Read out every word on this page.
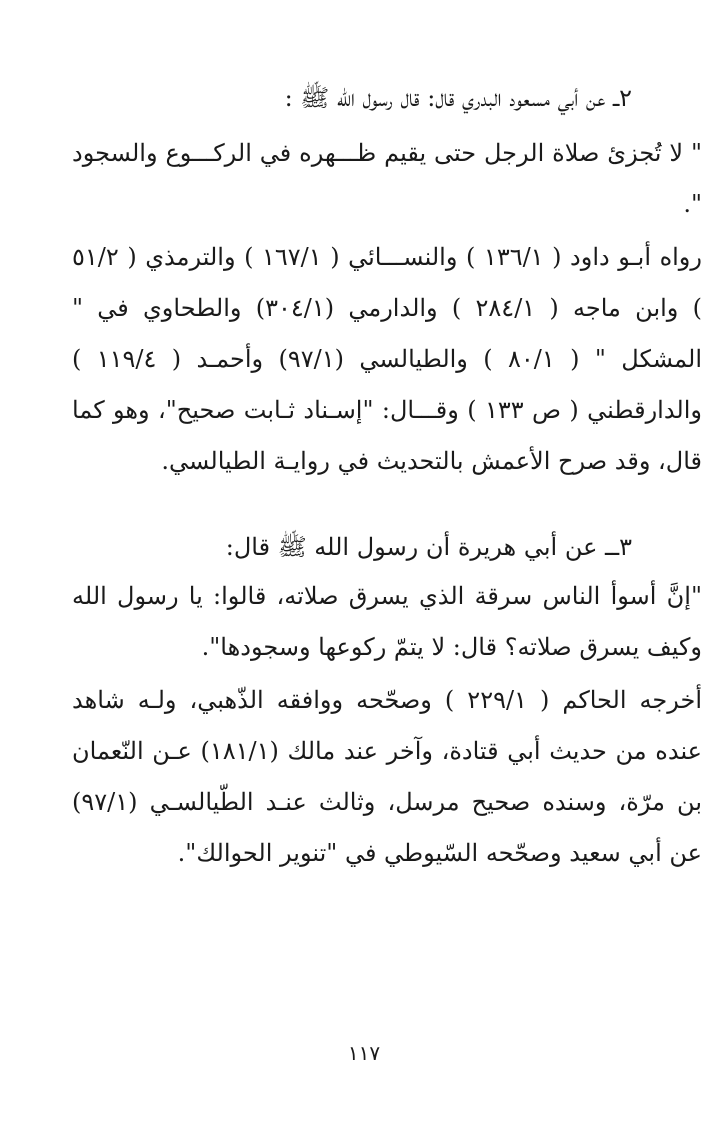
٢ــ عن أبي مسعود البدري قال: قال رسول الله ﷺ :

" لا تُجزئ صلاة الرجل حتى يقيم ظـــهره في الركـــوع والسجود ".

رواه أبـو داود ( ١٣٦/١ ) والنســـائي ( ١٦٧/١ ) والترمذي ( ٥١/٢ ) وابن ماجه ( ٢٨٤/١ ) والدارمي (٣٠٤/١) والطحاوي في " المشكل " ( ٨٠/١ ) والطيالسي (٩٧/١) وأحمـد ( ١١٩/٤ ) والدارقطني ( ص ١٣٣ ) وقـــال: "إسـناد ثـابت صحيح"، وهو كما قال، وقد صرح الأعمش بالتحديث في روايـة الطيالسي.

٣ــ عن أبي هريرة أن رسول الله ﷺ قال:

"إنَّ أسوأ الناس سرقة الذي يسرق صلاته، قالوا: يا رسول الله وكيف يسرق صلاته؟ قال: لا يتمّ ركوعها وسجودها".

أخرجه الحاكم ( ٢٢٩/١ ) وصحّحه ووافقه الذّهبي، ولـه شاهد عنده من حديث أبي قتادة، وآخر عند مالك (١٨١/١) عـن النّعمان بن مرّة، وسنده صحيح مرسل، وثالث عنـد الطّيالسـي (٩٧/١) عن أبي سعيد وصحّحه السّيوطي في "تنوير الحوالك".

١١٧
